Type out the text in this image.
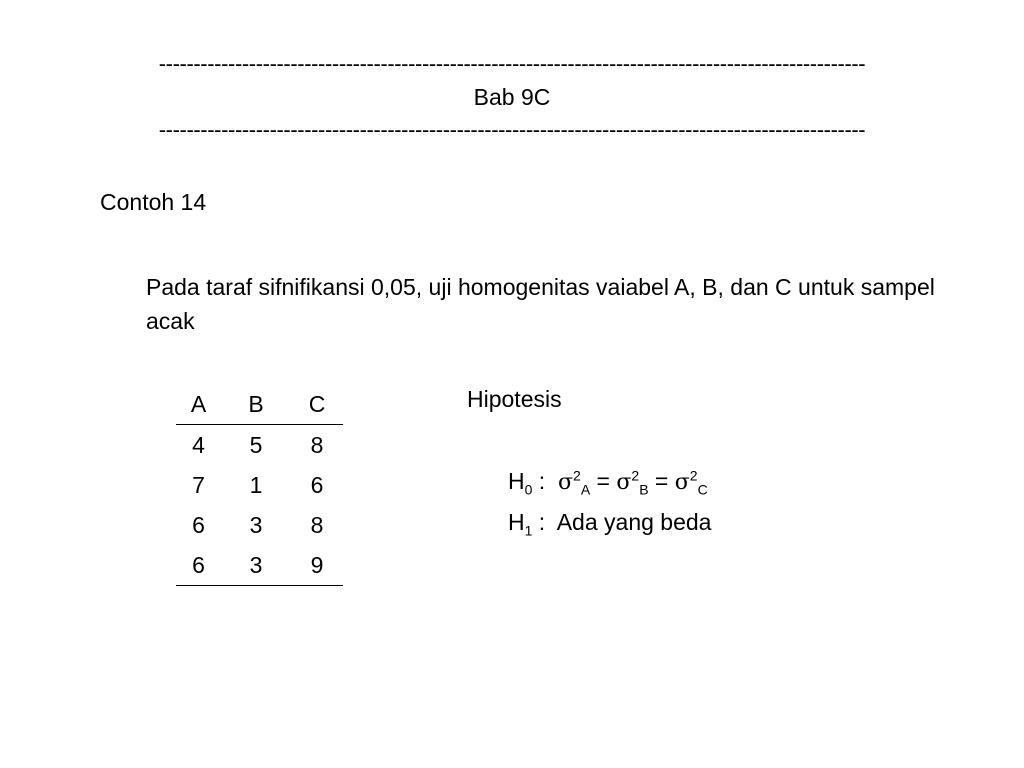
------------------------------------------------------------------------------------------------------
Bab 9C
------------------------------------------------------------------------------------------------------
Contoh 14
Pada taraf sifnifikansi 0,05, uji homogenitas vaiabel A, B, dan C untuk sampel acak
A	B	C
4	5	8
7	1	6
6	3	8
6	3	9
Hipotesis
$H_0$ :  $\sigma^2_A = \sigma^2_B = \sigma^2_C$
$H_1$ :  Ada yang beda
